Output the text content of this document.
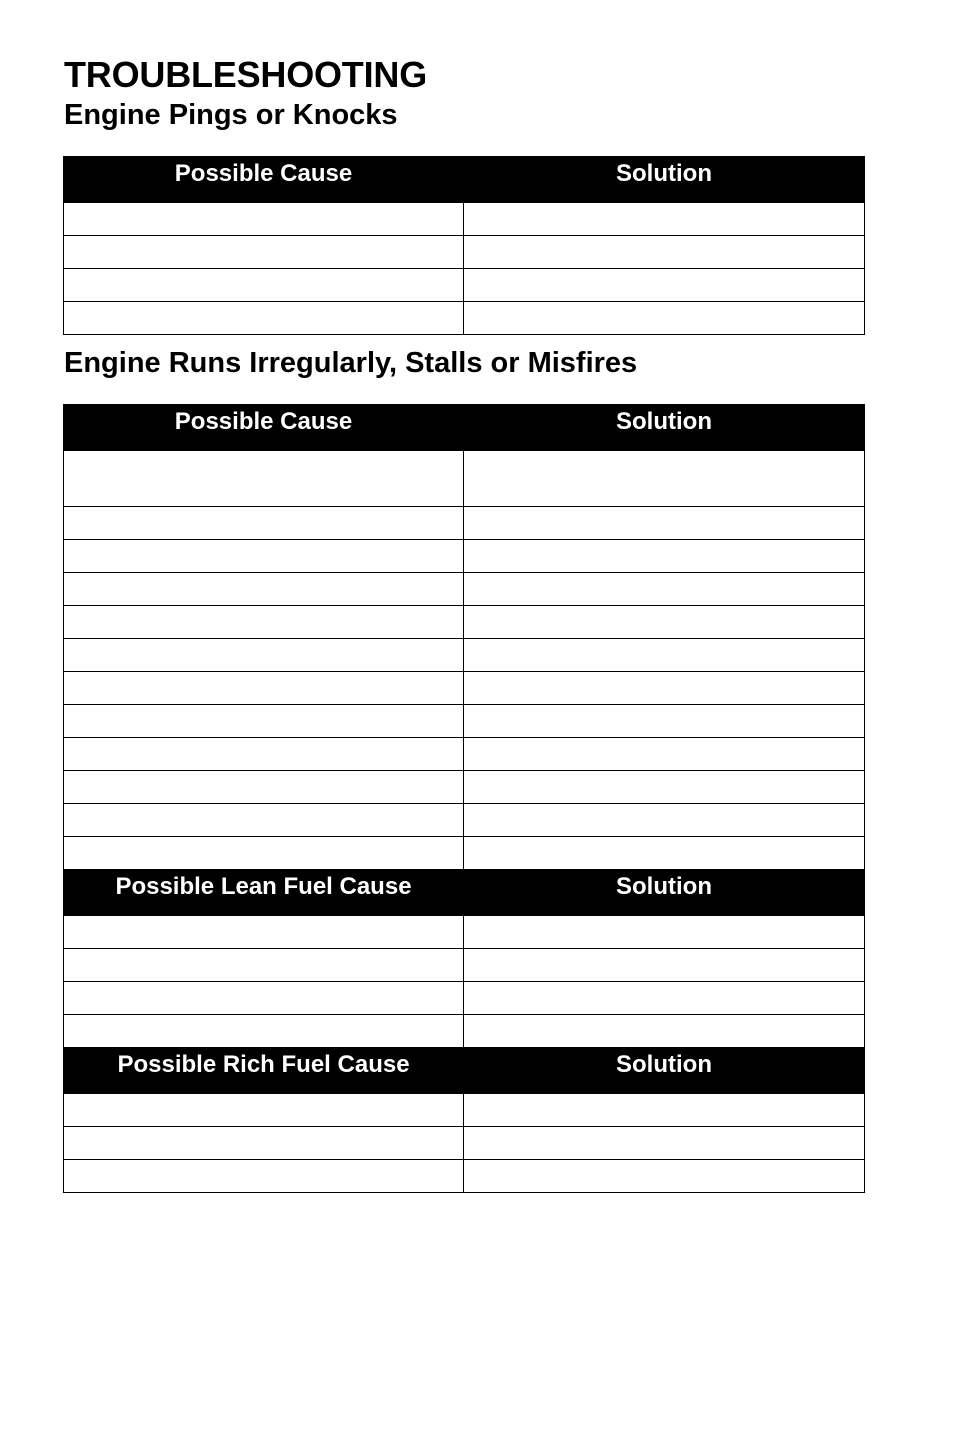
TROUBLESHOOTING
Engine Pings or Knocks
Possible Cause	Solution

Engine Runs Irregularly, Stalls or Misfires
Possible Cause	Solution

Possible Lean Fuel Cause	Solution

Possible Rich Fuel Cause	Solution
